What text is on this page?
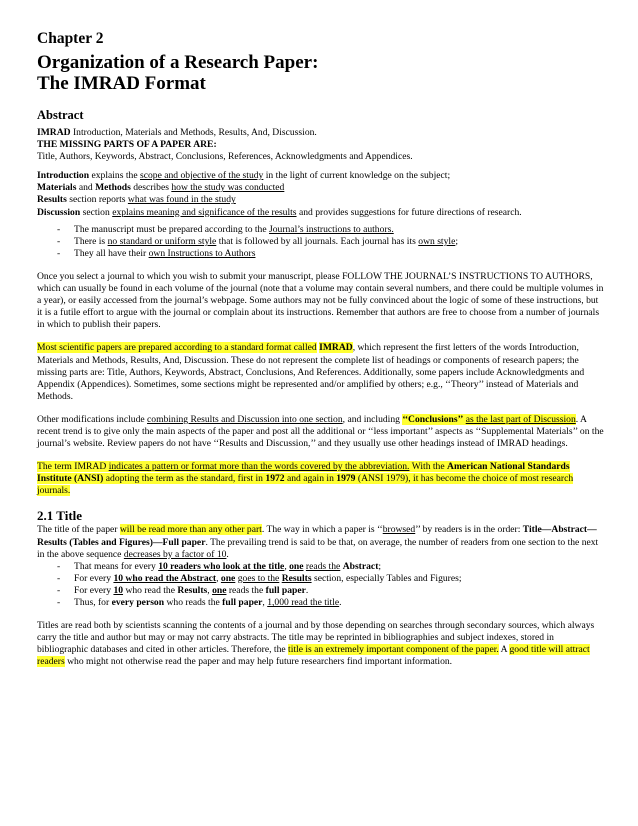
Chapter 2
Organization of a Research Paper:
The IMRAD Format
Abstract

IMRAD Introduction, Materials and Methods, Results, And, Discussion.

THE MISSING PARTS OF A PAPER ARE:

Title, Authors, Keywords, Abstract, Conclusions, References, Acknowledgments and Appendices.

Introduction explains the scope and objective of the study in the light of current knowledge on the subject;

Materials and Methods describes how the study was conducted

Results section reports what was found in the study

Discussion section explains meaning and significance of the results and provides suggestions for future directions of research.

- The manuscript must be prepared according to the Journal’s instructions to authors.
- There is no standard or uniform style that is followed by all journals. Each journal has its own style;
- They all have their own Instructions to Authors

Once you select a journal to which you wish to submit your manuscript, please FOLLOW THE JOURNAL’S INSTRUCTIONS TO AUTHORS, which can usually be found in each volume of the journal (note that a volume may contain several numbers, and there could be multiple volumes in a year), or easily accessed from the journal’s webpage. Some authors may not be fully convinced about the logic of some of these instructions, but it is a futile effort to argue with the journal or complain about its instructions. Remember that authors are free to choose from a number of journals in which to publish their papers.

Most scientific papers are prepared according to a standard format called IMRAD, which represent the first letters of the words Introduction, Materials and Methods, Results, And, Discussion. These do not represent the complete list of headings or components of research papers; the missing parts are: Title, Authors, Keywords, Abstract, Conclusions, And References. Additionally, some papers include Acknowledgments and Appendix (Appendices). Sometimes, some sections might be represented and/or amplified by others; e.g., ‘‘Theory’’ instead of Materials and Methods.

Other modifications include combining Results and Discussion into one section, and including ‘‘Conclusions’’ as the last part of Discussion. A recent trend is to give only the main aspects of the paper and post all the additional or ‘‘less important’’ aspects as ‘‘Supplemental Materials’’ on the journal’s website. Review papers do not have ‘‘Results and Discussion,’’ and they usually use other headings instead of IMRAD headings.

The term IMRAD indicates a pattern or format more than the words covered by the abbreviation. With the American National Standards Institute (ANSI) adopting the term as the standard, first in 1972 and again in 1979 (ANSI 1979), it has become the choice of most research journals.

2.1 Title

The title of the paper will be read more than any other part. The way in which a paper is ‘‘browsed’’ by readers is in the order: Title—Abstract—Results (Tables and Figures)—Full paper. The prevailing trend is said to be that, on average, the number of readers from one section to the next in the above sequence decreases by a factor of 10.

- That means for every 10 readers who look at the title, one reads the Abstract;
- For every 10 who read the Abstract, one goes to the Results section, especially Tables and Figures;
- For every 10 who read the Results, one reads the full paper.
- Thus, for every person who reads the full paper, 1,000 read the title.

Titles are read both by scientists scanning the contents of a journal and by those depending on searches through secondary sources, which always carry the title and author but may or may not carry abstracts. The title may be reprinted in bibliographies and subject indexes, stored in bibliographic databases and cited in other articles. Therefore, the title is an extremely important component of the paper. A good title will attract readers who might not otherwise read the paper and may help future researchers find important information.
